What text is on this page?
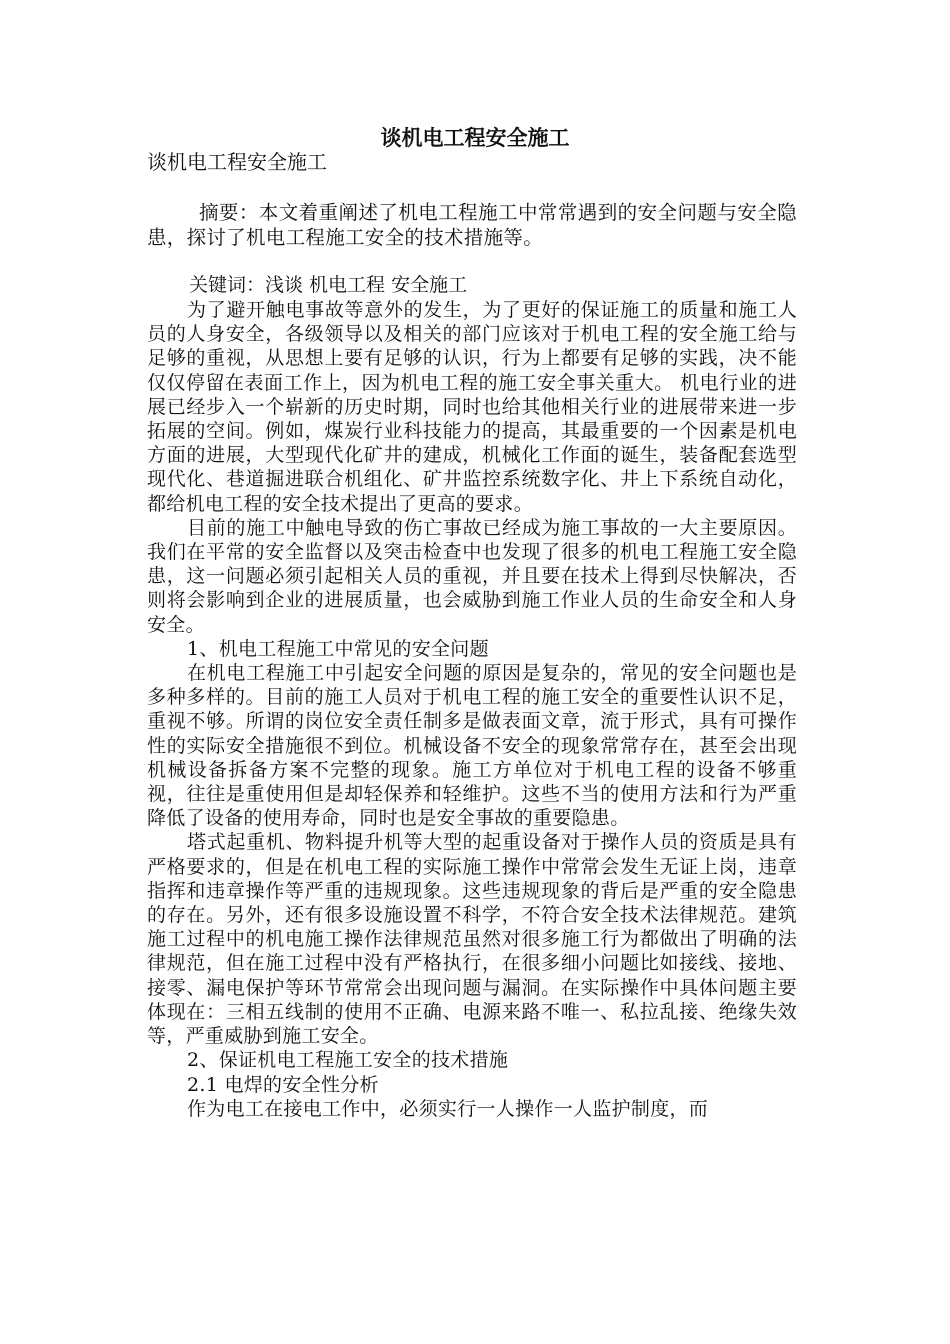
谈机电工程安全施工
谈机电工程安全施工
摘要：本文着重阐述了机电工程施工中常常遇到的安全问题与安全隐患，探讨了机电工程施工安全的技术措施等。
关键词：浅谈 机电工程 安全施工

为了避开触电事故等意外的发生，为了更好的保证施工的质量和施工人员的人身安全，各级领导以及相关的部门应该对于机电工程的安全施工给与足够的重视，从思想上要有足够的认识，行为上都要有足够的实践，决不能仅仅停留在表面工作上，因为机电工程的施工安全事关重大。 机电行业的进展已经步入一个崭新的历史时期，同时也给其他相关行业的进展带来进一步拓展的空间。例如，煤炭行业科技能力的提高，其最重要的一个因素是机电方面的进展，大型现代化矿井的建成，机械化工作面的诞生，装备配套选型现代化、巷道掘进联合机组化、矿井监控系统数字化、井上下系统自动化，都给机电工程的安全技术提出了更高的要求。

目前的施工中触电导致的伤亡事故已经成为施工事故的一大主要原因。我们在平常的安全监督以及突击检查中也发现了很多的机电工程施工安全隐患，这一问题必须引起相关人员的重视，并且要在技术上得到尽快解决，否则将会影响到企业的进展质量，也会威胁到施工作业人员的生命安全和人身安全。

1、机电工程施工中常见的安全问题

在机电工程施工中引起安全问题的原因是复杂的，常见的安全问题也是多种多样的。目前的施工人员对于机电工程的施工安全的重要性认识不足，重视不够。所谓的岗位安全责任制多是做表面文章，流于形式，具有可操作性的实际安全措施很不到位。机械设备不安全的现象常常存在，甚至会出现机械设备拆备方案不完整的现象。施工方单位对于机电工程的设备不够重视，往往是重使用但是却轻保养和轻维护。这些不当的使用方法和行为严重降低了设备的使用寿命，同时也是安全事故的重要隐患。

塔式起重机、物料提升机等大型的起重设备对于操作人员的资质是具有严格要求的，但是在机电工程的实际施工操作中常常会发生无证上岗，违章指挥和违章操作等严重的违规现象。这些违规现象的背后是严重的安全隐患的存在。另外，还有很多设施设置不科学，不符合安全技术法律规范。建筑施工过程中的机电施工操作法律规范虽然对很多施工行为都做出了明确的法律规范，但在施工过程中没有严格执行，在很多细小问题比如接线、接地、接零、漏电保护等环节常常会出现问题与漏洞。在实际操作中具体问题主要体现在：三相五线制的使用不正确、电源来路不唯一、私拉乱接、绝缘失效等，严重威胁到施工安全。

2、保证机电工程施工安全的技术措施

2.1 电焊的安全性分析

作为电工在接电工作中，必须实行一人操作一人监护制度，而
